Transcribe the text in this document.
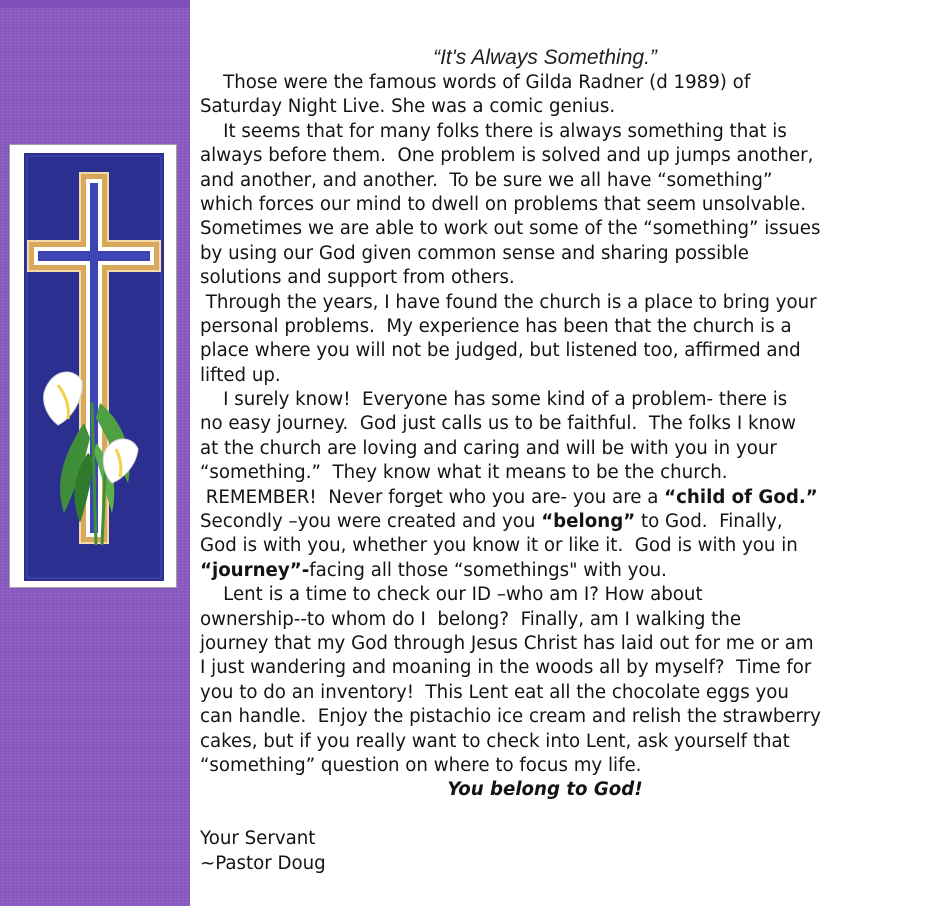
“It's Always Something.”
Those were the famous words of Gilda Radner (d 1989) of
Saturday Night Live. She was a comic genius.
It seems that for many folks there is always something that is
always before them.  One problem is solved and up jumps another,
and another, and another.  To be sure we all have “something”
which forces our mind to dwell on problems that seem unsolvable.
Sometimes we are able to work out some of the “something” issues
by using our God given common sense and sharing possible
solutions and support from others.
Through the years, I have found the church is a place to bring your
personal problems.  My experience has been that the church is a
place where you will not be judged, but listened too, affirmed and
lifted up.
I surely know!  Everyone has some kind of a problem- there is
no easy journey.  God just calls us to be faithful.  The folks I know
at the church are loving and caring and will be with you in your
“something.”  They know what it means to be the church.
REMEMBER!  Never forget who you are- you are a “child of God.”
Secondly –you were created and you “belong” to God.  Finally,
God is with you, whether you know it or like it.  God is with you in
“journey”-facing all those “somethings" with you.
Lent is a time to check our ID –who am I? How about
ownership--to whom do I  belong?  Finally, am I walking the
journey that my God through Jesus Christ has laid out for me or am
I just wandering and moaning in the woods all by myself?  Time for
you to do an inventory!  This Lent eat all the chocolate eggs you
can handle.  Enjoy the pistachio ice cream and relish the strawberry
cakes, but if you really want to check into Lent, ask yourself that
“something” question on where to focus my life.
You belong to God!
Your Servant
~Pastor Doug
